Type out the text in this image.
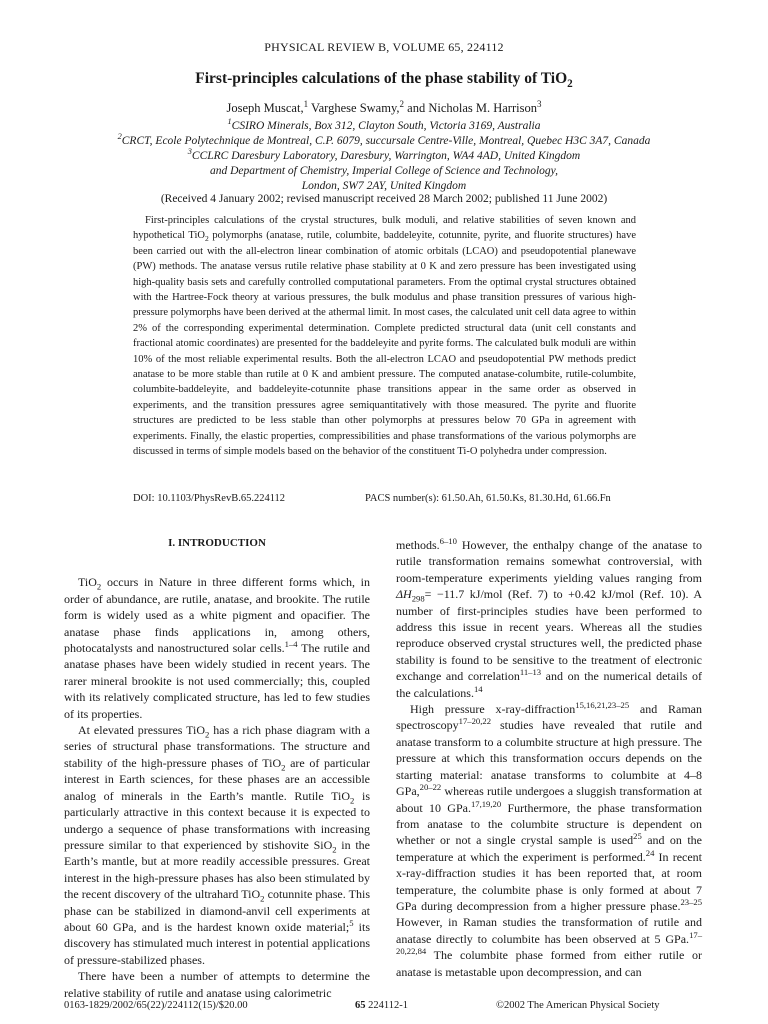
PHYSICAL REVIEW B, VOLUME 65, 224112
First-principles calculations of the phase stability of TiO$_2$
Joseph Muscat,$^1$ Varghese Swamy,$^2$ and Nicholas M. Harrison$^3$
$^1$CSIRO Minerals, Box 312, Clayton South, Victoria 3169, Australia
$^2$CRCT, Ecole Polytechnique de Montreal, C.P. 6079, succursale Centre-Ville, Montreal, Quebec H3C 3A7, Canada
$^3$CCLRC Daresbury Laboratory, Daresbury, Warrington, WA4 4AD, United Kingdom
and Department of Chemistry, Imperial College of Science and Technology,
London, SW7 2AY, United Kingdom
(Received 4 January 2002; revised manuscript received 28 March 2002; published 11 June 2002)

First-principles calculations of the crystal structures, bulk moduli, and relative stabilities of seven known and hypothetical TiO$_2$ polymorphs (anatase, rutile, columbite, baddeleyite, cotunnite, pyrite, and fluorite structures) have been carried out with the all-electron linear combination of atomic orbitals (LCAO) and pseudopotential planewave (PW) methods. The anatase versus rutile relative phase stability at 0 K and zero pressure has been investigated using high-quality basis sets and carefully controlled computational parameters. From the optimal crystal structures obtained with the Hartree-Fock theory at various pressures, the bulk modulus and phase transition pressures of various high-pressure polymorphs have been derived at the athermal limit. In most cases, the calculated unit cell data agree to within 2% of the corresponding experimental determination. Complete predicted structural data (unit cell constants and fractional atomic coordinates) are presented for the baddeleyite and pyrite forms. The calculated bulk moduli are within 10% of the most reliable experimental results. Both the all-electron LCAO and pseudopotential PW methods predict anatase to be more stable than rutile at 0 K and ambient pressure. The computed anatase-columbite, rutile-columbite, columbite-baddeleyite, and baddeleyite-cotunnite phase transitions appear in the same order as observed in experiments, and the transition pressures agree semiquantitatively with those measured. The pyrite and fluorite structures are predicted to be less stable than other polymorphs at pressures below 70 GPa in agreement with experiments. Finally, the elastic properties, compressibilities and phase transformations of the various polymorphs are discussed in terms of simple models based on the behavior of the constituent Ti-O polyhedra under compression.

DOI: 10.1103/PhysRevB.65.224112	PACS number(s): 61.50.Ah, 61.50.Ks, 81.30.Hd, 61.66.Fn

I. INTRODUCTION

TiO$_2$ occurs in Nature in three different forms which, in order of abundance, are rutile, anatase, and brookite. The rutile form is widely used as a white pigment and opacifier. The anatase phase finds applications in, among others, photocatalysts and nanostructured solar cells.$^{1-4}$ The rutile and anatase phases have been widely studied in recent years. The rarer mineral brookite is not used commercially; this, coupled with its relatively complicated structure, has led to few studies of its properties.

At elevated pressures TiO$_2$ has a rich phase diagram with a series of structural phase transformations. The structure and stability of the high-pressure phases of TiO$_2$ are of particular interest in Earth sciences, for these phases are an accessible analog of minerals in the Earth’s mantle. Rutile TiO$_2$ is particularly attractive in this context because it is expected to undergo a sequence of phase transformations with increasing pressure similar to that experienced by stishovite SiO$_2$ in the Earth’s mantle, but at more readily accessible pressures. Great interest in the high-pressure phases has also been stimulated by the recent discovery of the ultrahard TiO$_2$ cotunnite phase. This phase can be stabilized in diamond-anvil cell experiments at about 60 GPa, and is the hardest known oxide material;$^5$ its discovery has stimulated much interest in potential applications of pressure-stabilized phases.

There have been a number of attempts to determine the relative stability of rutile and anatase using calorimetric

methods.$^{6-10}$ However, the enthalpy change of the anatase to rutile transformation remains somewhat controversial, with room-temperature experiments yielding values ranging from $\Delta H_{298}= -11.7$ kJ/mol (Ref. 7) to +0.42 kJ/mol (Ref. 10). A number of first-principles studies have been performed to address this issue in recent years. Whereas all the studies reproduce observed crystal structures well, the predicted phase stability is found to be sensitive to the treatment of electronic exchange and correlation$^{11-13}$ and on the numerical details of the calculations.$^{14}$

High pressure x-ray-diffraction$^{15,16,21,23-25}$ and Raman spectroscopy$^{17-20,22}$ studies have revealed that rutile and anatase transform to a columbite structure at high pressure. The pressure at which this transformation occurs depends on the starting material: anatase transforms to columbite at 4–8 GPa,$^{20-22}$ whereas rutile undergoes a sluggish transformation at about 10 GPa.$^{17,19,20}$ Furthermore, the phase transformation from anatase to the columbite structure is dependent on whether or not a single crystal sample is used$^{25}$ and on the temperature at which the experiment is performed.$^{24}$ In recent x-ray-diffraction studies it has been reported that, at room temperature, the columbite phase is only formed at about 7 GPa during decompression from a higher pressure phase.$^{23-25}$ However, in Raman studies the transformation of rutile and anatase directly to columbite has been observed at 5 GPa.$^{17-20,22,84}$ The columbite phase formed from either rutile or anatase is metastable upon decompression, and can

0163-1829/2002/65(22)/224112(15)/$20.00	65 224112-1	©2002 The American Physical Society
